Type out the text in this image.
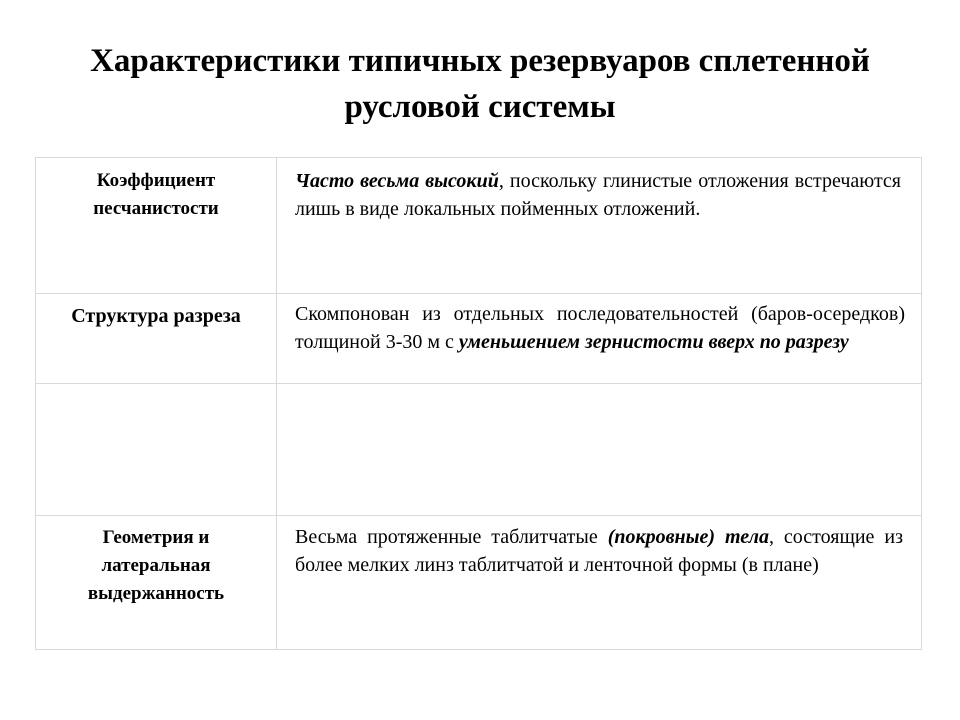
Характеристики типичных резервуаров сплетенной
русловой системы
Коэффициент
песчанистости
Часто весьма высокий, поскольку глинистые отложения встречаются лишь в виде локальных пойменных отложений.
Структура разреза	Скомпонован из отдельных последовательностей (баров-осередков) толщиной 3-30 м с уменьшением зернистости вверх по разрезу
Геометрия и
латеральная
выдержанность
Весьма протяженные таблитчатые (покровные) тела, состоящие из более мелких линз таблитчатой и ленточной формы (в плане)
